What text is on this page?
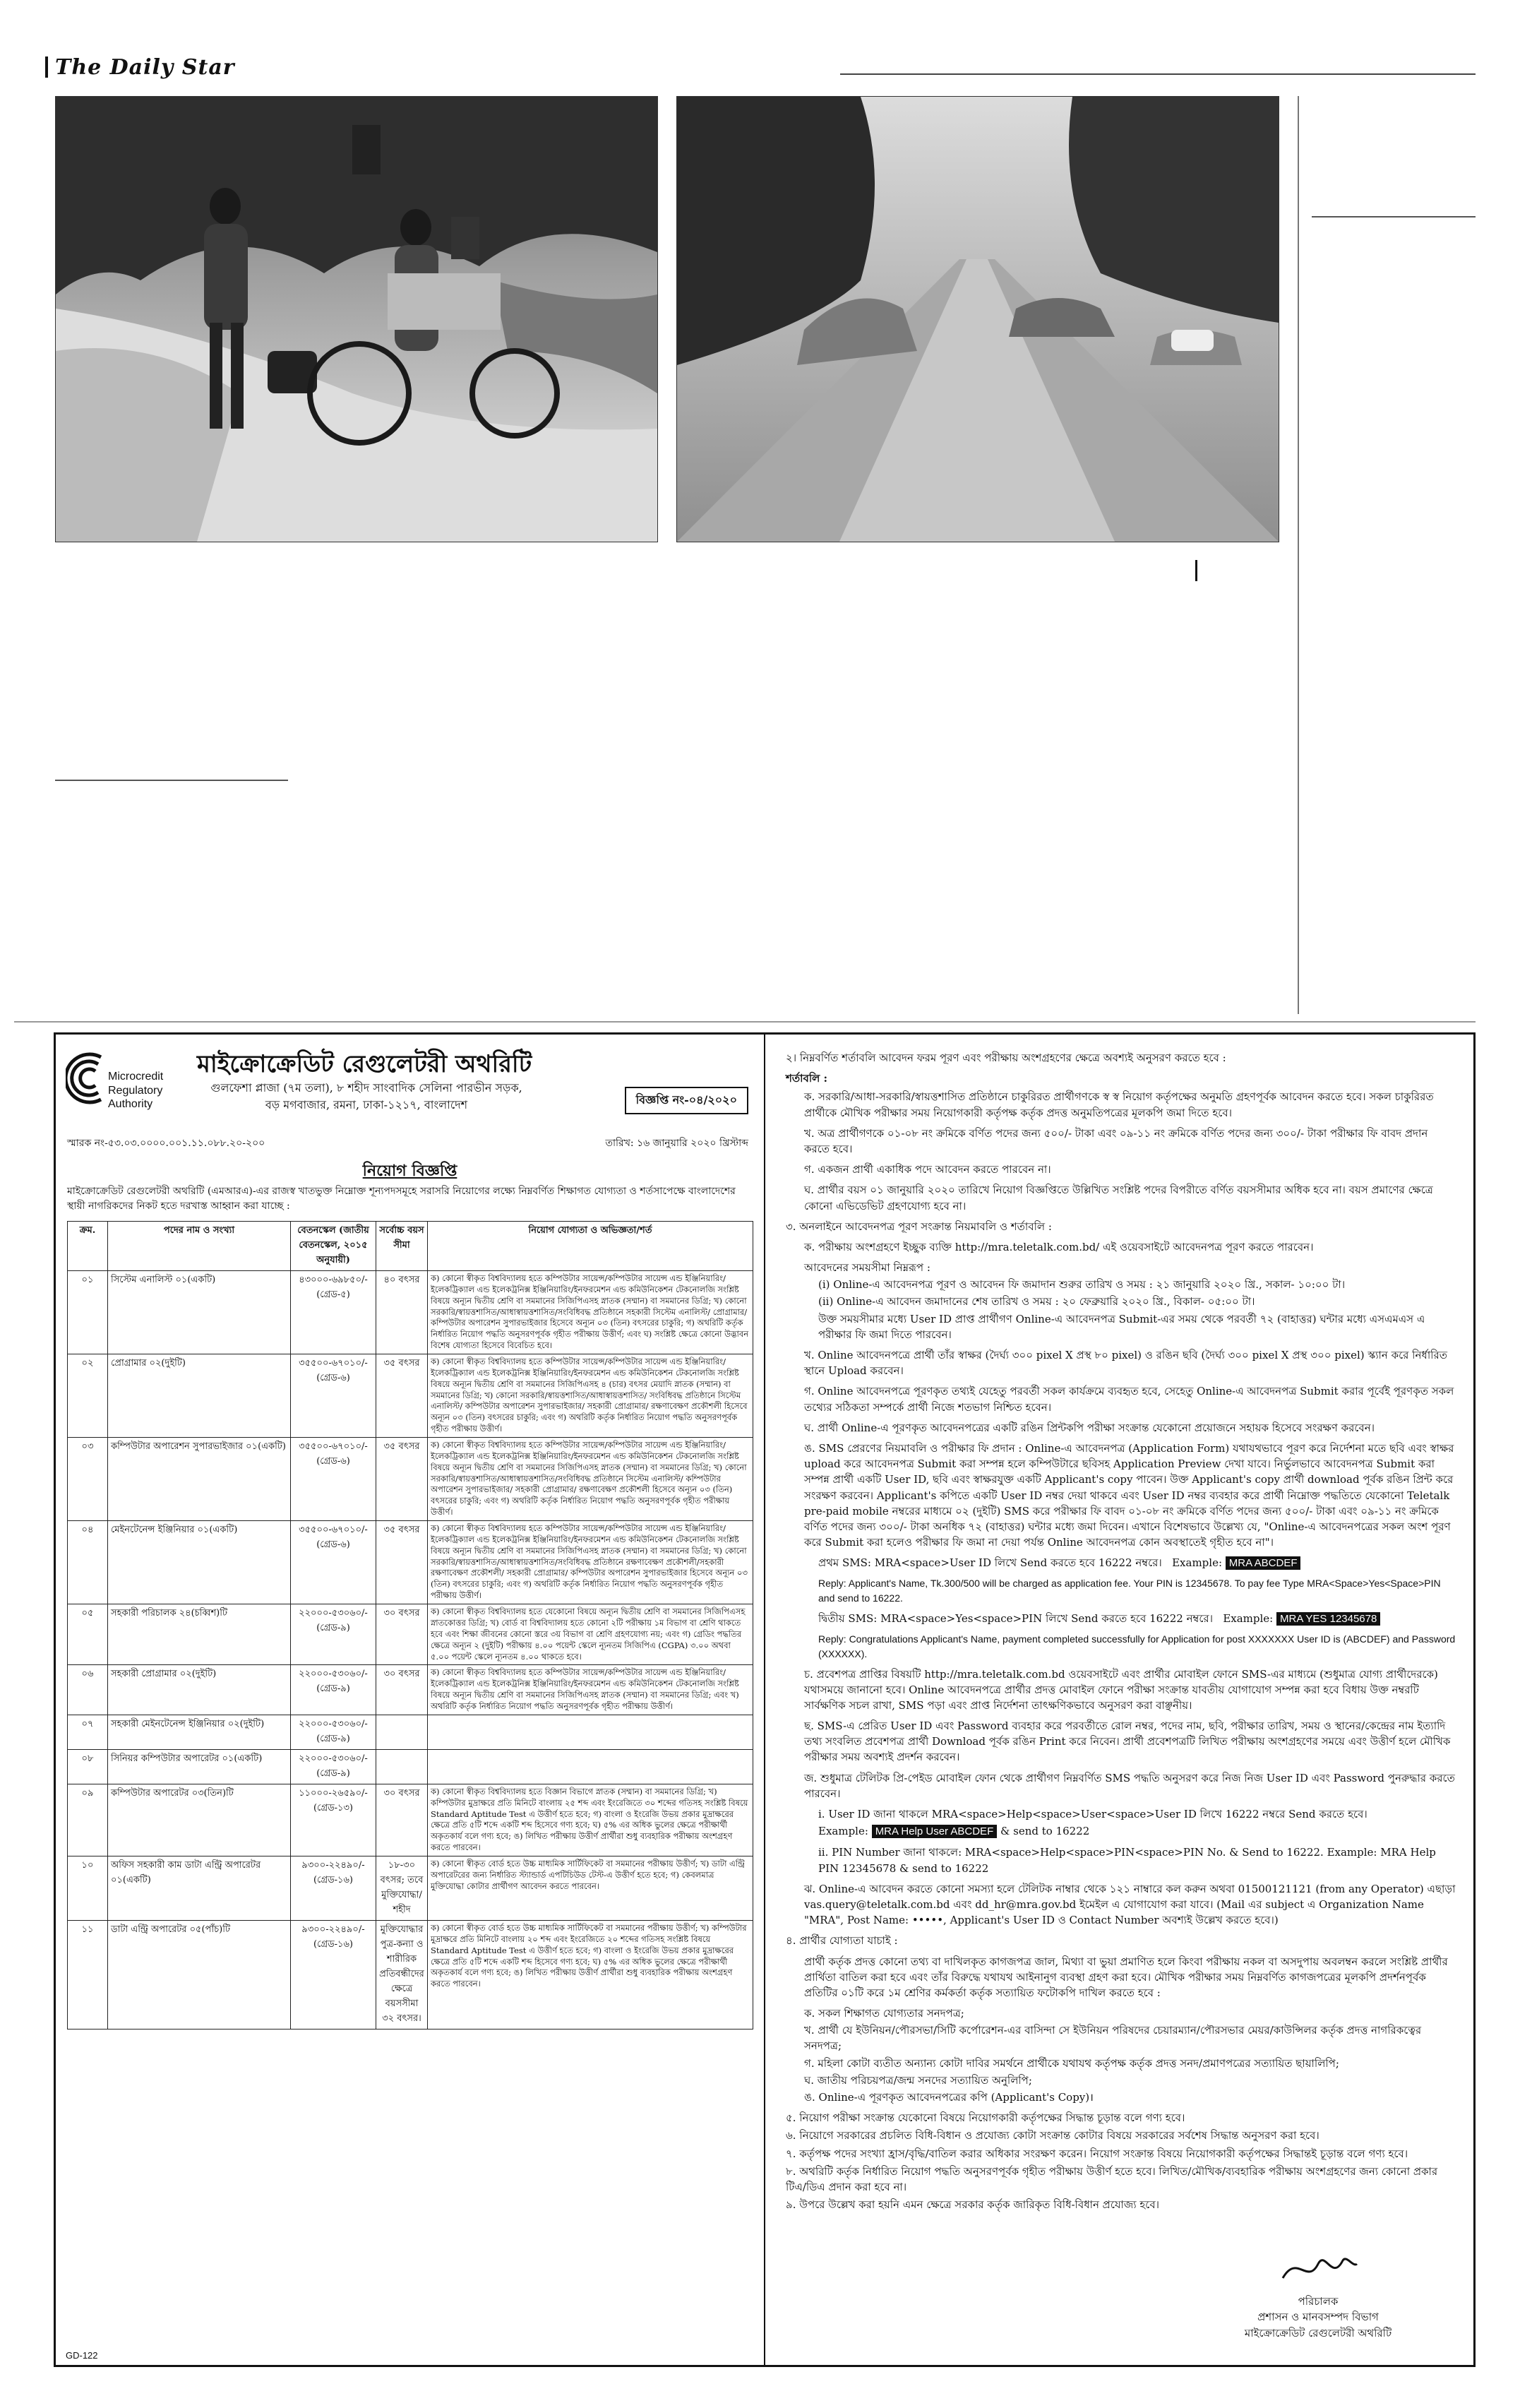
The Daily Star
Microcredit
Regulatory
Authority
মাইক্রোক্রেডিট রেগুলেটরী অথরিটি
গুলফেশা প্লাজা (৭ম তলা), ৮ শহীদ সাংবাদিক সেলিনা পারভীন সড়ক,
বড় মগবাজার, রমনা, ঢাকা-১২১৭, বাংলাদেশ	বিজ্ঞপ্তি নং-০৪/২০২০
স্মারক নং-৫৩.০৩.০০০০.০০১.১১.০৮৮.২০-২০০	তারিখ: ১৬ জানুয়ারি ২০২০ খ্রিস্টাব্দ
নিয়োগ বিজ্ঞপ্তি
মাইক্রোক্রেডিট রেগুলেটরী অথরিটি (এমআরএ)-এর রাজস্ব খাতভুক্ত নিম্নোক্ত শূন্যপদসমূহে সরাসরি নিয়োগের লক্ষ্যে নিম্নবর্ণিত শিক্ষাগত যোগ্যতা ও শর্তসাপেক্ষে বাংলাদেশের স্থায়ী নাগরিকদের নিকট হতে দরখাস্ত আহ্বান করা যাচ্ছে :
ক্রম.	পদের নাম ও সংখ্যা	বেতনস্কেল (জাতীয় বেতনস্কেল, ২০১৫ অনুযায়ী)	সর্বোচ্চ বয়স সীমা	নিয়োগ যোগ্যতা ও অভিজ্ঞতা/শর্ত
০১	সিস্টেম এনালিস্ট ০১(একটি)	৪৩০০০-৬৯৮৫০/- (গ্রেড-৫)	৪০ বৎসর	ক) কোনো স্বীকৃত বিশ্ববিদ্যালয় হতে কম্পিউটার সায়েন্স/কম্পিউটার সায়েন্স এন্ড ইঞ্জিনিয়ারিং/ইলেকট্রিক্যাল এন্ড ইলেকট্রনিক্স ইঞ্জিনিয়ারিং/ইনফরমেশন এন্ড কমিউনিকেশন টেকনোলজি সংশ্লিষ্ট বিষয়ে অন্যূন দ্বিতীয় শ্রেণি বা সমমানের সিজিপিএসহ স্নাতক (সম্মান) বা সমমানের ডিগ্রি; খ) কোনো সরকারি/স্বায়ত্তশাসিত/আধাস্বায়ত্তশাসিত/সংবিধিবদ্ধ প্রতিষ্ঠানে সহকারী সিস্টেম এনালিস্ট/ প্রোগ্রামার/কম্পিউটার অপারেশন সুপারভাইজার হিসেবে অন্যূন ০৩ (তিন) বৎসরের চাকুরি; গ) অথরিটি কর্তৃক নির্ধারিত নিয়োগ পদ্ধতি অনুসরণপূর্বক গৃহীত পরীক্ষায় উত্তীর্ণ; এবং ঘ) সংশ্লিষ্ট ক্ষেত্রে কোনো উদ্ভাবন বিশেষ যোগ্যতা হিসেবে বিবেচিত হবে।
০২	প্রোগ্রামার ০২(দুইটি)	৩৫৫০০-৬৭০১০/- (গ্রেড-৬)	৩৫ বৎসর	ক) কোনো স্বীকৃত বিশ্ববিদ্যালয় হতে কম্পিউটার সায়েন্স/কম্পিউটার সায়েন্স এন্ড ইঞ্জিনিয়ারিং/ইলেকট্রিক্যাল এন্ড ইলেকট্রনিক্স ইঞ্জিনিয়ারিং/ইনফরমেশন এন্ড কমিউনিকেশন টেকনোলজি সংশ্লিষ্ট বিষয়ে অন্যূন দ্বিতীয় শ্রেণি বা সমমানের সিজিপিএসহ ৪ (চার) বৎসর মেয়াদি স্নাতক (সম্মান) বা সমমানের ডিগ্রি; খ) কোনো সরকারি/স্বায়ত্তশাসিত/আধাস্বায়ত্তশাসিত/ সংবিধিবদ্ধ প্রতিষ্ঠানে সিস্টেম এনালিস্ট/ কম্পিউটার অপারেশন সুপারভাইজার/ সহকারী প্রোগ্রামার/ রক্ষণাবেক্ষণ প্রকৌশলী হিসেবে অন্যূন ০৩ (তিন) বৎসরের চাকুরি; এবং গ) অথরিটি কর্তৃক নির্ধারিত নিয়োগ পদ্ধতি অনুসরণপূর্বক গৃহীত পরীক্ষায় উত্তীর্ণ।
০৩	কম্পিউটার অপারেশন সুপারভাইজার ০১(একটি)	৩৫৫০০-৬৭০১০/- (গ্রেড-৬)	৩৫ বৎসর	ক) কোনো স্বীকৃত বিশ্ববিদ্যালয় হতে কম্পিউটার সায়েন্স/কম্পিউটার সায়েন্স এন্ড ইঞ্জিনিয়ারিং/ইলেকট্রিক্যাল এন্ড ইলেকট্রনিক্স ইঞ্জিনিয়ারিং/ইনফরমেশন এন্ড কমিউনিকেশন টেকনোলজি সংশ্লিষ্ট বিষয়ে অন্যূন দ্বিতীয় শ্রেণি বা সমমানের সিজিপিএসহ স্নাতক (সম্মান) বা সমমানের ডিগ্রি; খ) কোনো সরকারি/স্বায়ত্তশাসিত/আধাস্বায়ত্তশাসিত/সংবিধিবদ্ধ প্রতিষ্ঠানে সিস্টেম এনালিস্ট/ কম্পিউটার অপারেশন সুপারভাইজার/ সহকারী প্রোগ্রামার/ রক্ষণাবেক্ষণ প্রকৌশলী হিসেবে অন্যূন ০৩ (তিন) বৎসরের চাকুরি; এবং গ) অথরিটি কর্তৃক নির্ধারিত নিয়োগ পদ্ধতি অনুসরণপূর্বক গৃহীত পরীক্ষায় উত্তীর্ণ।
০৪	মেইনটেনেন্স ইঞ্জিনিয়ার ০১(একটি)	৩৫৫০০-৬৭০১০/- (গ্রেড-৬)	৩৫ বৎসর	ক) কোনো স্বীকৃত বিশ্ববিদ্যালয় হতে কম্পিউটার সায়েন্স/কম্পিউটার সায়েন্স এন্ড ইঞ্জিনিয়ারিং/ইলেকট্রিক্যাল এন্ড ইলেকট্রনিক্স ইঞ্জিনিয়ারিং/ইনফরমেশন এন্ড কমিউনিকেশন টেকনোলজি সংশ্লিষ্ট বিষয়ে অন্যূন দ্বিতীয় শ্রেণি বা সমমানের সিজিপিএসহ স্নাতক (সম্মান) বা সমমানের ডিগ্রি; খ) কোনো সরকারি/স্বায়ত্তশাসিত/আধাস্বায়ত্তশাসিত/সংবিধিবদ্ধ প্রতিষ্ঠানে রক্ষণাবেক্ষণ প্রকৌশলী/সহকারী রক্ষণাবেক্ষণ প্রকৌশলী/ সহকারী প্রোগ্রামার/ কম্পিউটার অপারেশন সুপারভাইজার হিসেবে অন্যূন ০৩ (তিন) বৎসরের চাকুরি; এবং গ) অথরিটি কর্তৃক নির্ধারিত নিয়োগ পদ্ধতি অনুসরণপূর্বক গৃহীত পরীক্ষায় উত্তীর্ণ।
০৫	সহকারী পরিচালক ২৪(চব্বিশ)টি	২২০০০-৫৩০৬০/- (গ্রেড-৯)	৩০ বৎসর	ক) কোনো স্বীকৃত বিশ্ববিদ্যালয় হতে যেকোনো বিষয়ে অন্যূন দ্বিতীয় শ্রেণি বা সমমানের সিজিপিএসহ স্নাতকোত্তর ডিগ্রি; খ) বোর্ড বা বিশ্ববিদ্যালয় হতে কোনো ২টি পরীক্ষায় ১ম বিভাগ বা শ্রেণি থাকতে হবে এবং শিক্ষা জীবনের কোনো স্তরে ৩য় বিভাগ বা শ্রেণি গ্রহণযোগ্য নয়; এবং গ) গ্রেডিং পদ্ধতির ক্ষেত্রে অন্যূন ২ (দুইটি) পরীক্ষায় ৪.০০ পয়েন্ট স্কেলে ন্যূনতম সিজিপিএ (CGPA) ৩.০০ অথবা ৫.০০ পয়েন্ট স্কেলে ন্যূনতম ৪.০০ থাকতে হবে।
০৬	সহকারী প্রোগ্রামার ০২(দুইটি)	২২০০০-৫৩০৬০/- (গ্রেড-৯)	৩০ বৎসর	ক) কোনো স্বীকৃত বিশ্ববিদ্যালয় হতে কম্পিউটার সায়েন্স/কম্পিউটার সায়েন্স এন্ড ইঞ্জিনিয়ারিং/ইলেকট্রিক্যাল এন্ড ইলেকট্রনিক্স ইঞ্জিনিয়ারিং/ইনফরমেশন এন্ড কমিউনিকেশন টেকনোলজি সংশ্লিষ্ট বিষয়ে অন্যূন দ্বিতীয় শ্রেণি বা সমমানের সিজিপিএসহ স্নাতক (সম্মান) বা সমমানের ডিগ্রি; এবং খ) অথরিটি কর্তৃক নির্ধারিত নিয়োগ পদ্ধতি অনুসরণপূর্বক গৃহীত পরীক্ষায় উত্তীর্ণ।
০৭	সহকারী মেইনটেনেন্স ইঞ্জিনিয়ার ০২(দুইটি)	২২০০০-৫৩০৬০/- (গ্রেড-৯)		
০৮	সিনিয়র কম্পিউটার অপারেটর ০১(একটি)	২২০০০-৫৩০৬০/- (গ্রেড-৯)		
০৯	কম্পিউটার অপারেটর ০৩(তিন)টি	১১০০০-২৬৫৯০/- (গ্রেড-১৩)	৩০ বৎসর	ক) কোনো স্বীকৃত বিশ্ববিদ্যালয় হতে বিজ্ঞান বিভাগে স্নাতক (সম্মান) বা সমমানের ডিগ্রি; খ) কম্পিউটার মুদ্রাক্ষরে প্রতি মিনিটে বাংলায় ২৫ শব্দ এবং ইংরেজিতে ৩০ শব্দের গতিসহ সংশ্লিষ্ট বিষয়ে Standard Aptitude Test এ উত্তীর্ণ হতে হবে; গ) বাংলা ও ইংরেজি উভয় প্রকার মুদ্রাক্ষরের ক্ষেত্রে প্রতি ৫টি শব্দে একটি শব্দ হিসেবে গণ্য হবে; ঘ) ৫% এর অধিক ভুলের ক্ষেত্রে পরীক্ষার্থী অকৃতকার্য বলে গণ্য হবে; ঙ) লিখিত পরীক্ষায় উত্তীর্ণ প্রার্থীরা শুধু ব্যবহারিক পরীক্ষায় অংশগ্রহণ করতে পারবেন।
১০	অফিস সহকারী কাম ডাটা এন্ট্রি অপারেটর ০১(একটি)	৯৩০০-২২৪৯০/- (গ্রেড-১৬)	১৮-৩০ বৎসর; তবে মুক্তিযোদ্ধা/শহীদ	ক) কোনো স্বীকৃত বোর্ড হতে উচ্চ মাধ্যমিক সার্টিফিকেট বা সমমানের পরীক্ষায় উত্তীর্ণ; খ) ডাটা এন্ট্রি অপারেটরের জন্য নির্ধারিত স্ট্যান্ডার্ড এপটিচিউড টেস্ট-এ উত্তীর্ণ হতে হবে; গ) কেবলমাত্র মুক্তিযোদ্ধা কোটার প্রার্থীগণ আবেদন করতে পারবেন।
১১	ডাটা এন্ট্রি অপারেটর ০৫(পাঁচ)টি	৯৩০০-২২৪৯০/- (গ্রেড-১৬)	মুক্তিযোদ্ধার পুত্র-কন্যা ও শারীরিক প্রতিবন্ধীদের ক্ষেত্রে বয়সসীমা ৩২ বৎসর।	ক) কোনো স্বীকৃত বোর্ড হতে উচ্চ মাধ্যমিক সার্টিফিকেট বা সমমানের পরীক্ষায় উত্তীর্ণ; খ) কম্পিউটার মুদ্রাক্ষরে প্রতি মিনিটে বাংলায় ২০ শব্দ এবং ইংরেজিতে ২০ শব্দের গতিসহ সংশ্লিষ্ট বিষয়ে Standard Aptitude Test এ উত্তীর্ণ হতে হবে; গ) বাংলা ও ইংরেজি উভয় প্রকার মুদ্রাক্ষরের ক্ষেত্রে প্রতি ৫টি শব্দে একটি শব্দ হিসেবে গণ্য হবে; ঘ) ৫% এর অধিক ভুলের ক্ষেত্রে পরীক্ষার্থী অকৃতকার্য বলে গণ্য হবে; ঙ) লিখিত পরীক্ষায় উত্তীর্ণ প্রার্থীরা শুধু ব্যবহারিক পরীক্ষায় অংশগ্রহণ করতে পারবেন।
GD-122

২। নিম্নবর্ণিত শর্তাবলি আবেদন ফরম পূরণ এবং পরীক্ষায় অংশগ্রহণের ক্ষেত্রে অবশ্যই অনুসরণ করতে হবে :

শর্তাবলি :

ক. সরকারি/আধা-সরকারি/স্বায়ত্তশাসিত প্রতিষ্ঠানে চাকুরিরত প্রার্থীগণকে স্ব স্ব নিয়োগ কর্তৃপক্ষের অনুমতি গ্রহণপূর্বক আবেদন করতে হবে। সকল চাকুরিরত প্রার্থীকে মৌখিক পরীক্ষার সময় নিয়োগকারী কর্তৃপক্ষ কর্তৃক প্রদত্ত অনুমতিপত্রের মূলকপি জমা দিতে হবে।

খ. অত্র প্রার্থীগণকে ০১-০৮ নং ক্রমিকে বর্ণিত পদের জন্য ৫০০/- টাকা এবং ০৯-১১ নং ক্রমিকে বর্ণিত পদের জন্য ৩০০/- টাকা পরীক্ষার ফি বাবদ প্রদান করতে হবে।

গ. একজন প্রার্থী একাধিক পদে আবেদন করতে পারবেন না।

ঘ. প্রার্থীর বয়স ০১ জানুয়ারি ২০২০ তারিখে নিয়োগ বিজ্ঞপ্তিতে উল্লিখিত সংশ্লিষ্ট পদের বিপরীতে বর্ণিত বয়সসীমার অধিক হবে না। বয়স প্রমাণের ক্ষেত্রে কোনো এভিডেভিট গ্রহণযোগ্য হবে না।

৩. অনলাইনে আবেদনপত্র পূরণ সংক্রান্ত নিয়মাবলি ও শর্তাবলি :

ক. পরীক্ষায় অংশগ্রহণে ইচ্ছুক ব্যক্তি http://mra.teletalk.com.bd/ এই ওয়েবসাইটে আবেদনপত্র পূরণ করতে পারবেন।

আবেদনের সময়সীমা নিম্নরূপ :

(i) Online-এ আবেদনপত্র পূরণ ও আবেদন ফি জমাদান শুরুর তারিখ ও সময় : ২১ জানুয়ারি ২০২০ খ্রি., সকাল- ১০:০০ টা।

(ii) Online-এ আবেদন জমাদানের শেষ তারিখ ও সময় : ২০ ফেব্রুয়ারি ২০২০ খ্রি., বিকাল- ০৫:০০ টা।

উক্ত সময়সীমার মধ্যে User ID প্রাপ্ত প্রার্থীগণ Online-এ আবেদনপত্র Submit-এর সময় থেকে পরবর্তী ৭২ (বাহাত্তর) ঘন্টার মধ্যে এসএমএস এ পরীক্ষার ফি জমা দিতে পারবেন।

খ. Online আবেদনপত্রে প্রার্থী তাঁর স্বাক্ষর (দৈর্ঘ্য ৩০০ pixel X প্রস্থ ৮০ pixel) ও রঙিন ছবি (দৈর্ঘ্য ৩০০ pixel X প্রস্থ ৩০০ pixel) স্ক্যান করে নির্ধারিত স্থানে Upload করবেন।

গ. Online আবেদনপত্রে পূরণকৃত তথ্যই যেহেতু পরবর্তী সকল কার্যক্রমে ব্যবহৃত হবে, সেহেতু Online-এ আবেদনপত্র Submit করার পূর্বেই পূরণকৃত সকল তথ্যের সঠিকতা সম্পর্কে প্রার্থী নিজে শতভাগ নিশ্চিত হবেন।

ঘ. প্রার্থী Online-এ পূরণকৃত আবেদনপত্রের একটি রঙিন প্রিন্টকপি পরীক্ষা সংক্রান্ত যেকোনো প্রয়োজনে সহায়ক হিসেবে সংরক্ষণ করবেন।

ঙ. SMS প্রেরণের নিয়মাবলি ও পরীক্ষার ফি প্রদান : Online-এ আবেদনপত্র (Application Form) যথাযথভাবে পূরণ করে নির্দেশনা মতে ছবি এবং স্বাক্ষর upload করে আবেদনপত্র Submit করা সম্পন্ন হলে কম্পিউটারে ছবিসহ Application Preview দেখা যাবে। নির্ভুলভাবে আবেদনপত্র Submit করা সম্পন্ন প্রার্থী একটি User ID, ছবি এবং স্বাক্ষরযুক্ত একটি Applicant's copy পাবেন। উক্ত Applicant's copy প্রার্থী download পূর্বক রঙিন প্রিন্ট করে সংরক্ষণ করবেন। Applicant's কপিতে একটি User ID নম্বর দেয়া থাকবে এবং User ID নম্বর ব্যবহার করে প্রার্থী নিম্নোক্ত পদ্ধতিতে যেকোনো Teletalk pre-paid mobile নম্বরের মাধ্যমে ০২ (দুইটি) SMS করে পরীক্ষার ফি বাবদ ০১-০৮ নং ক্রমিকে বর্ণিত পদের জন্য ৫০০/- টাকা এবং ০৯-১১ নং ক্রমিকে বর্ণিত পদের জন্য ৩০০/- টাকা অনধিক ৭২ (বাহাত্তর) ঘন্টার মধ্যে জমা দিবেন। এখানে বিশেষভাবে উল্লেখ্য যে, "Online-এ আবেদনপত্রের সকল অংশ পূরণ করে Submit করা হলেও পরীক্ষার ফি জমা না দেয়া পর্যন্ত Online আবেদনপত্র কোন অবস্থাতেই গৃহীত হবে না"।

প্রথম SMS: MRA<space>User ID লিখে Send করতে হবে 16222 নম্বরে। Example: MRA ABCDEF

Reply: Applicant's Name, Tk.300/500 will be charged as application fee. Your PIN is 12345678. To pay fee Type MRA<Space>Yes<Space>PIN and send to 16222.

দ্বিতীয় SMS: MRA<space>Yes<space>PIN লিখে Send করতে হবে 16222 নম্বরে। Example: MRA YES 12345678

Reply: Congratulations Applicant's Name, payment completed successfully for Application for post XXXXXXX User ID is (ABCDEF) and Password (XXXXXX).

চ. প্রবেশপত্র প্রাপ্তির বিষয়টি http://mra.teletalk.com.bd ওয়েবসাইটে এবং প্রার্থীর মোবাইল ফোনে SMS-এর মাধ্যমে (শুধুমাত্র যোগ্য প্রার্থীদেরকে) যথাসময়ে জানানো হবে। Online আবেদনপত্রে প্রার্থীর প্রদত্ত মোবাইল ফোনে পরীক্ষা সংক্রান্ত যাবতীয় যোগাযোগ সম্পন্ন করা হবে বিধায় উক্ত নম্বরটি সার্বক্ষণিক সচল রাখা, SMS পড়া এবং প্রাপ্ত নির্দেশনা তাৎক্ষণিকভাবে অনুসরণ করা বাঞ্ছনীয়।

ছ. SMS-এ প্রেরিত User ID এবং Password ব্যবহার করে পরবর্তীতে রোল নম্বর, পদের নাম, ছবি, পরীক্ষার তারিখ, সময় ও স্থানের/কেন্দ্রের নাম ইত্যাদি তথ্য সংবলিত প্রবেশপত্র প্রার্থী Download পূর্বক রঙিন Print করে নিবেন। প্রার্থী প্রবেশপত্রটি লিখিত পরীক্ষায় অংশগ্রহণের সময়ে এবং উত্তীর্ণ হলে মৌখিক পরীক্ষার সময় অবশ্যই প্রদর্শন করবেন।

জ. শুধুমাত্র টেলিটক প্রি-পেইড মোবাইল ফোন থেকে প্রার্থীগণ নিম্নবর্ণিত SMS পদ্ধতি অনুসরণ করে নিজ নিজ User ID এবং Password পুনরুদ্ধার করতে পারবেন।

i. User ID জানা থাকলে MRA<space>Help<space>User<space>User ID লিখে 16222 নম্বরে Send করতে হবে।

Example: MRA Help User ABCDEF & send to 16222

ii. PIN Number জানা থাকলে: MRA<space>Help<space>PIN<space>PIN No. & Send to 16222. Example: MRA Help PIN 12345678 & send to 16222

ঝ. Online-এ আবেদন করতে কোনো সমস্যা হলে টেলিটক নাম্বার থেকে ১২১ নাম্বারে কল করুন অথবা 01500121121 (from any Operator) এছাড়া vas.query@teletalk.com.bd এবং dd_hr@mra.gov.bd ইমেইল এ যোগাযোগ করা যাবে। (Mail এর subject এ Organization Name "MRA", Post Name: •••••, Applicant's User ID ও Contact Number অবশ্যই উল্লেখ করতে হবে।)

৪. প্রার্থীর যোগ্যতা যাচাই :

প্রার্থী কর্তৃক প্রদত্ত কোনো তথ্য বা দাখিলকৃত কাগজপত্র জাল, মিথ্যা বা ভুয়া প্রমাণিত হলে কিংবা পরীক্ষায় নকল বা অসদুপায় অবলম্বন করলে সংশ্লিষ্ট প্রার্থীর প্রার্থিতা বাতিল করা হবে এবং তাঁর বিরুদ্ধে যথাযথ আইনানুগ ব্যবস্থা গ্রহণ করা হবে। মৌখিক পরীক্ষার সময় নিম্নবর্ণিত কাগজপত্রের মূলকপি প্রদর্শনপূর্বক প্রতিটির ০১টি করে ১ম শ্রেণির কর্মকর্তা কর্তৃক সত্যায়িত ফটোকপি দাখিল করতে হবে :

ক. সকল শিক্ষাগত যোগ্যতার সনদপত্র;

খ. প্রার্থী যে ইউনিয়ন/পৌরসভা/সিটি কর্পোরেশন-এর বাসিন্দা সে ইউনিয়ন পরিষদের চেয়ারম্যান/পৌরসভার মেয়র/কাউন্সিলর কর্তৃক প্রদত্ত নাগরিকত্বের সনদপত্র;

গ. মহিলা কোটা ব্যতীত অন্যান্য কোটা দাবির সমর্থনে প্রার্থীকে যথাযথ কর্তৃপক্ষ কর্তৃক প্রদত্ত সনদ/প্রমাণপত্রের সত্যায়িত ছায়ালিপি;

ঘ. জাতীয় পরিচয়পত্র/জন্ম সনদের সত্যায়িত অনুলিপি;

ঙ. Online-এ পূরণকৃত আবেদনপত্রের কপি (Applicant's Copy)।

৫. নিয়োগ পরীক্ষা সংক্রান্ত যেকোনো বিষয়ে নিয়োগকারী কর্তৃপক্ষের সিদ্ধান্ত চূড়ান্ত বলে গণ্য হবে।

৬. নিয়োগে সরকারের প্রচলিত বিধি-বিধান ও প্রযোজ্য কোটা সংক্রান্ত কোটার বিষয়ে সরকারের সর্বশেষ সিদ্ধান্ত অনুসরণ করা হবে।

৭. কর্তৃপক্ষ পদের সংখ্যা হ্রাস/বৃদ্ধি/বাতিল করার অধিকার সংরক্ষণ করেন। নিয়োগ সংক্রান্ত বিষয়ে নিয়োগকারী কর্তৃপক্ষের সিদ্ধান্তই চূড়ান্ত বলে গণ্য হবে।

৮. অথরিটি কর্তৃক নির্ধারিত নিয়োগ পদ্ধতি অনুসরণপূর্বক গৃহীত পরীক্ষায় উত্তীর্ণ হতে হবে। লিখিত/মৌখিক/ব্যবহারিক পরীক্ষায় অংশগ্রহণের জন্য কোনো প্রকার টিএ/ডিএ প্রদান করা হবে না।

৯. উপরে উল্লেখ করা হয়নি এমন ক্ষেত্রে সরকার কর্তৃক জারিকৃত বিধি-বিধান প্রযোজ্য হবে।

পরিচালক
প্রশাসন ও মানবসম্পদ বিভাগ
মাইক্রোক্রেডিট রেগুলেটরী অথরিটি
